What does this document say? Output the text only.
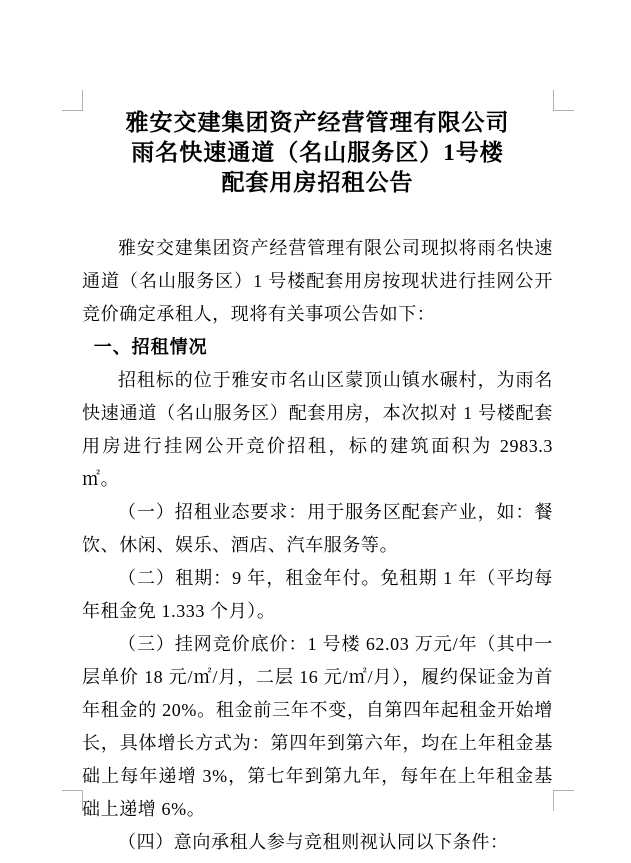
雅安交建集团资产经营管理有限公司
雨名快速通道（名山服务区）1号楼
配套用房招租公告

雅安交建集团资产经营管理有限公司现拟将雨名快速通道（名山服务区）1 号楼配套用房按现状进行挂网公开竞价确定承租人，现将有关事项公告如下：

一、招租情况

招租标的位于雅安市名山区蒙顶山镇水碾村，为雨名快速通道（名山服务区）配套用房，本次拟对 1 号楼配套用房进行挂网公开竞价招租，标的建筑面积为 2983.3 ㎡。

（一）招租业态要求：用于服务区配套产业，如：餐饮、休闲、娱乐、酒店、汽车服务等。

（二）租期：9 年，租金年付。免租期 1 年（平均每年租金免 1.333 个月）。

（三）挂网竞价底价：1 号楼 62.03 万元/年（其中一层单价 18 元/㎡/月，二层 16 元/㎡/月），履约保证金为首年租金的 20%。租金前三年不变，自第四年起租金开始增长，具体增长方式为：第四年到第六年，均在上年租金基础上每年递增 3%，第七年到第九年，每年在上年租金基础上递增 6%。

（四）意向承租人参与竞租则视认同以下条件：
